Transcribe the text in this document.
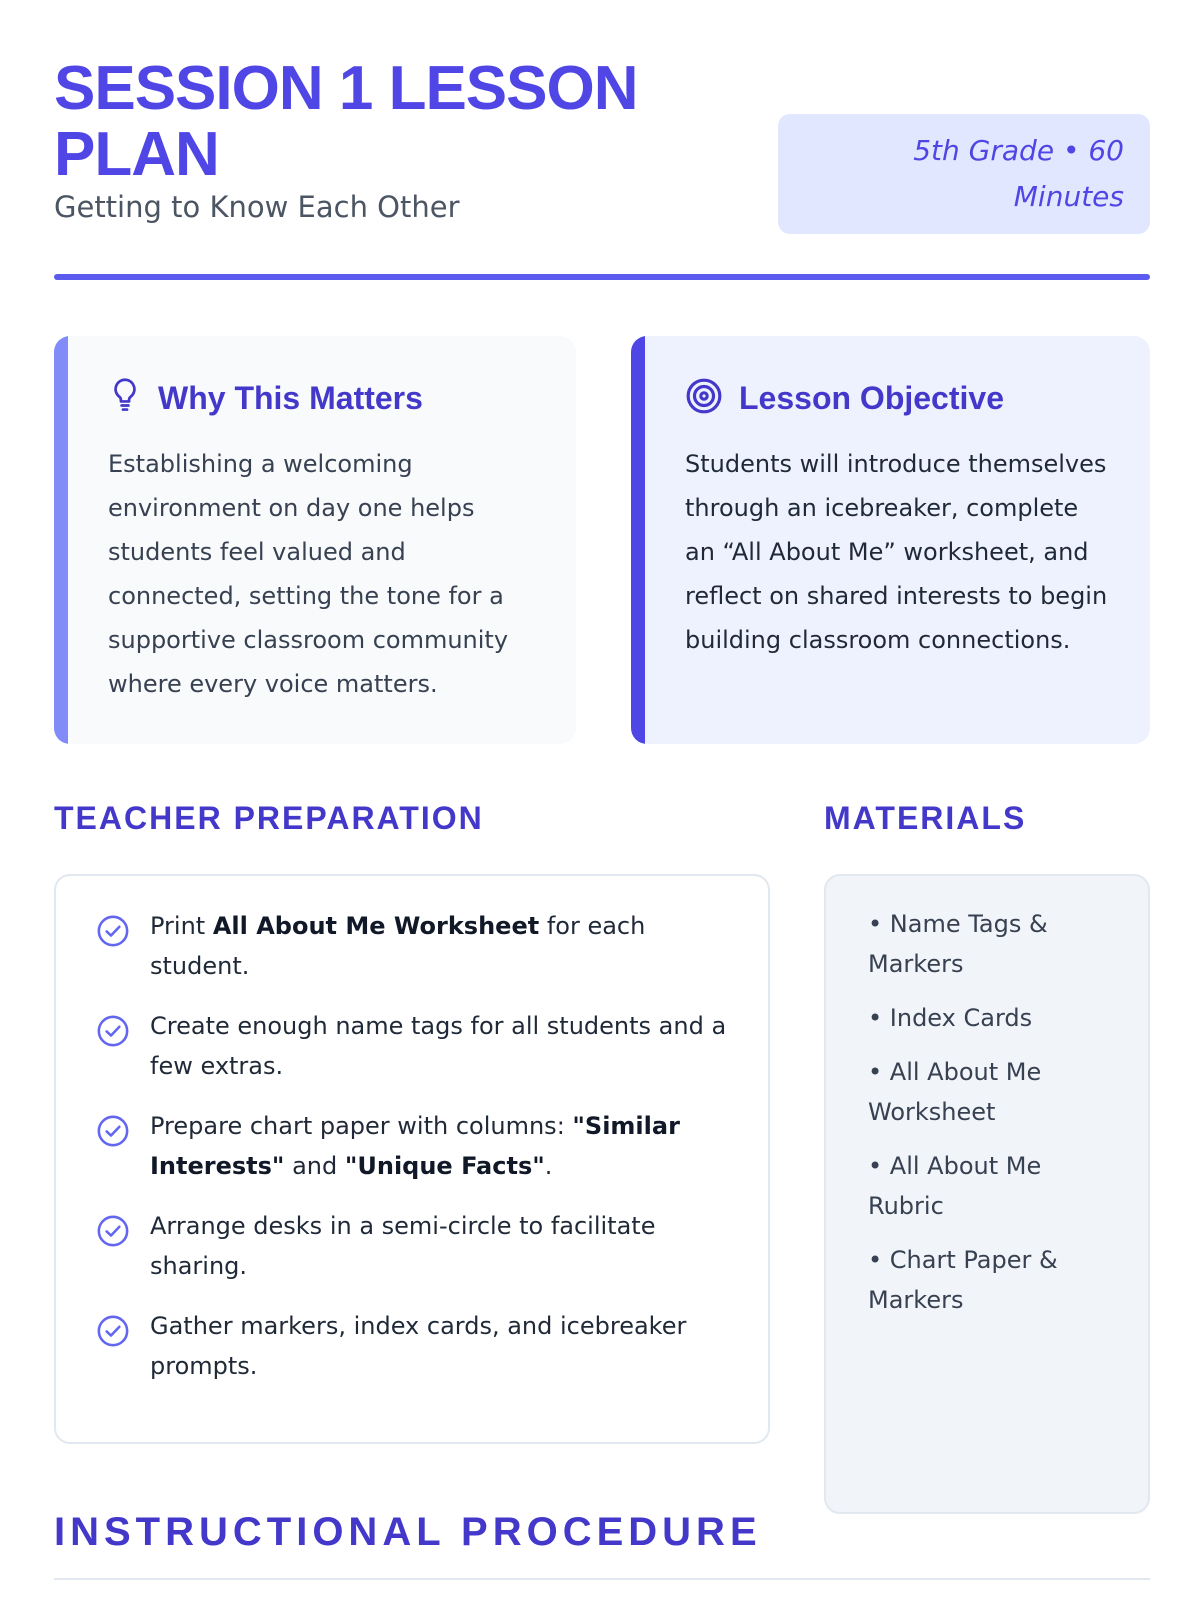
SESSION 1 LESSON PLAN
Getting to Know Each Other
5th Grade • 60 Minutes
Why This Matters
Establishing a welcoming environment on day one helps students feel valued and connected, setting the tone for a supportive classroom community where every voice matters.
Lesson Objective
Students will introduce themselves through an icebreaker, complete an “All About Me” worksheet, and reflect on shared interests to begin building classroom connections.
TEACHER PREPARATION	MATERIALS
Print All About Me Worksheet for each student.
Create enough name tags for all students and a few extras.
Prepare chart paper with columns: "Similar Interests" and "Unique Facts".
Arrange desks in a semi-circle to facilitate sharing.
Gather markers, index cards, and icebreaker prompts.
• Name Tags & Markers
• Index Cards
• All About Me Worksheet
• All About Me Rubric
• Chart Paper & Markers
INSTRUCTIONAL PROCEDURE
